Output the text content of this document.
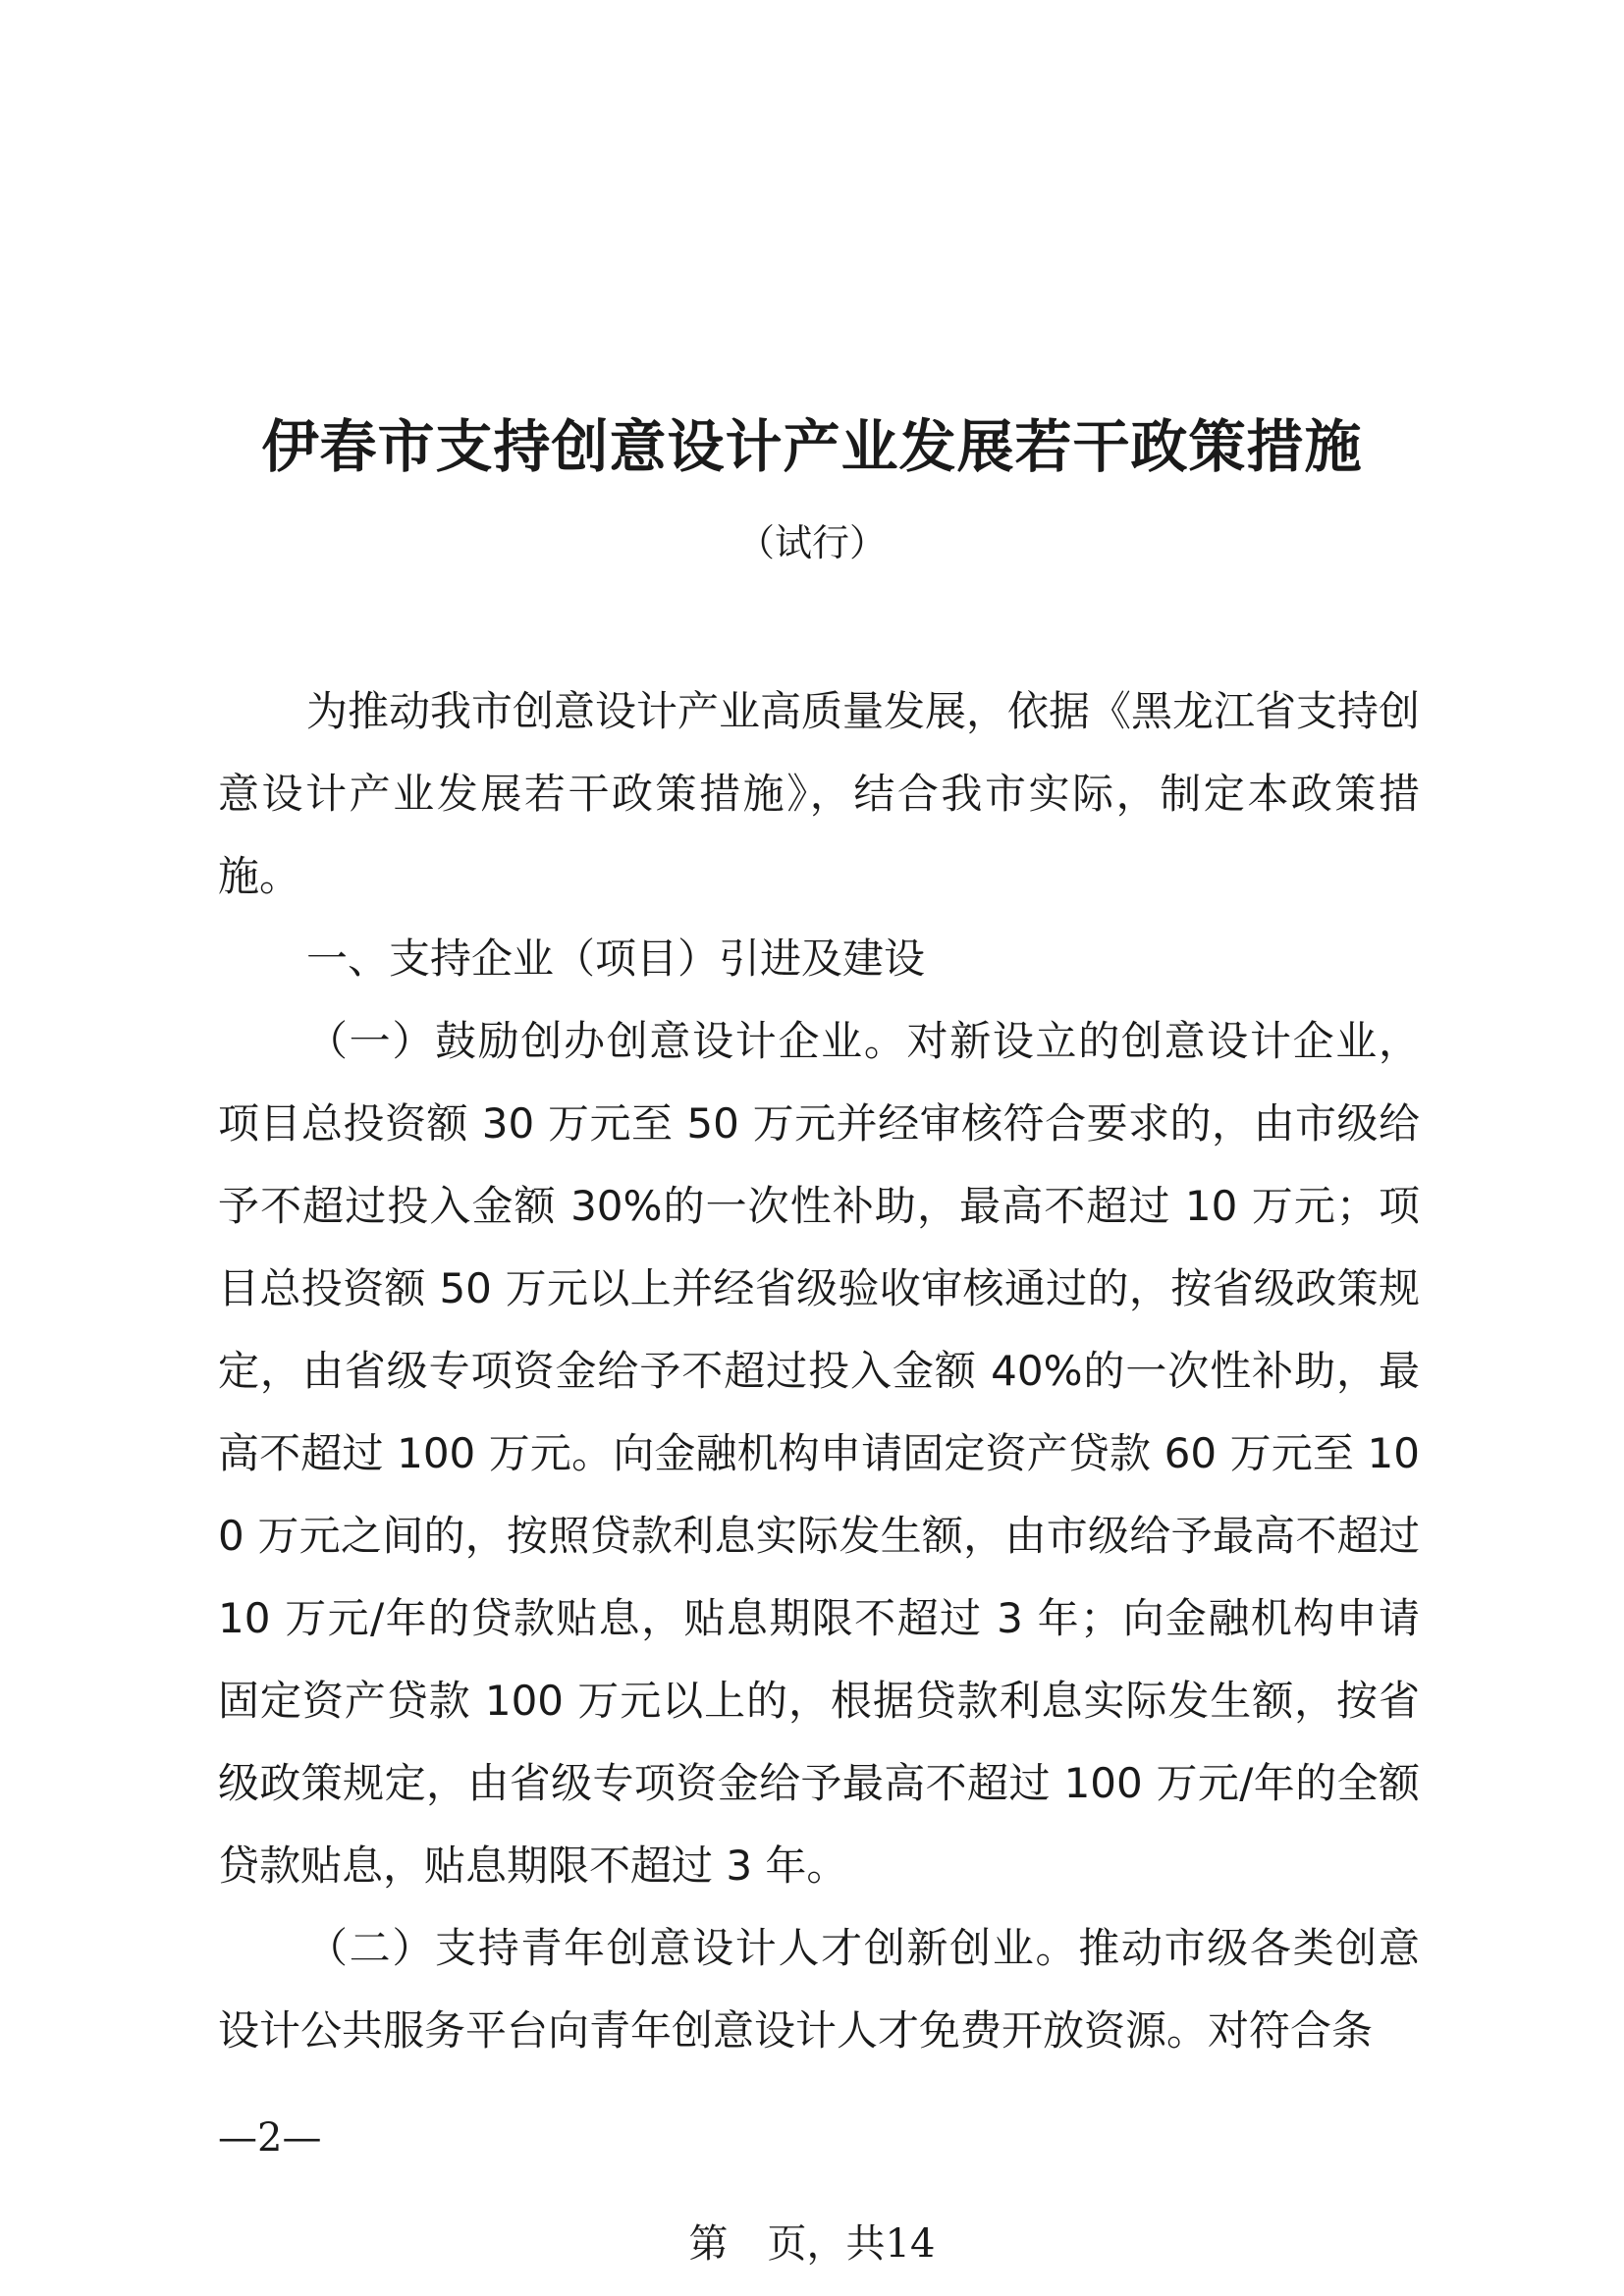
伊春市支持创意设计产业发展若干政策措施
（试行）

为推动我市创意设计产业高质量发展，依据《黑龙江省支持创意设计产业发展若干政策措施》，结合我市实际，制定本政策措施。

一、支持企业（项目）引进及建设

（一）鼓励创办创意设计企业。对新设立的创意设计企业，项目总投资额 30 万元至 50 万元并经审核符合要求的，由市级给予不超过投入金额 30%的一次性补助，最高不超过 10 万元；项目总投资额 50 万元以上并经省级验收审核通过的，按省级政策规定，由省级专项资金给予不超过投入金额 40%的一次性补助，最高不超过 100 万元。向金融机构申请固定资产贷款 60 万元至 100 万元之间的，按照贷款利息实际发生额，由市级给予最高不超过 10 万元/年的贷款贴息，贴息期限不超过 3 年；向金融机构申请固定资产贷款 100 万元以上的，根据贷款利息实际发生额，按省级政策规定，由省级专项资金给予最高不超过 100 万元/年的全额贷款贴息，贴息期限不超过 3 年。

（二）支持青年创意设计人才创新创业。推动市级各类创意设计公共服务平台向青年创意设计人才免费开放资源。对符合条

—2—
第　页，共14
